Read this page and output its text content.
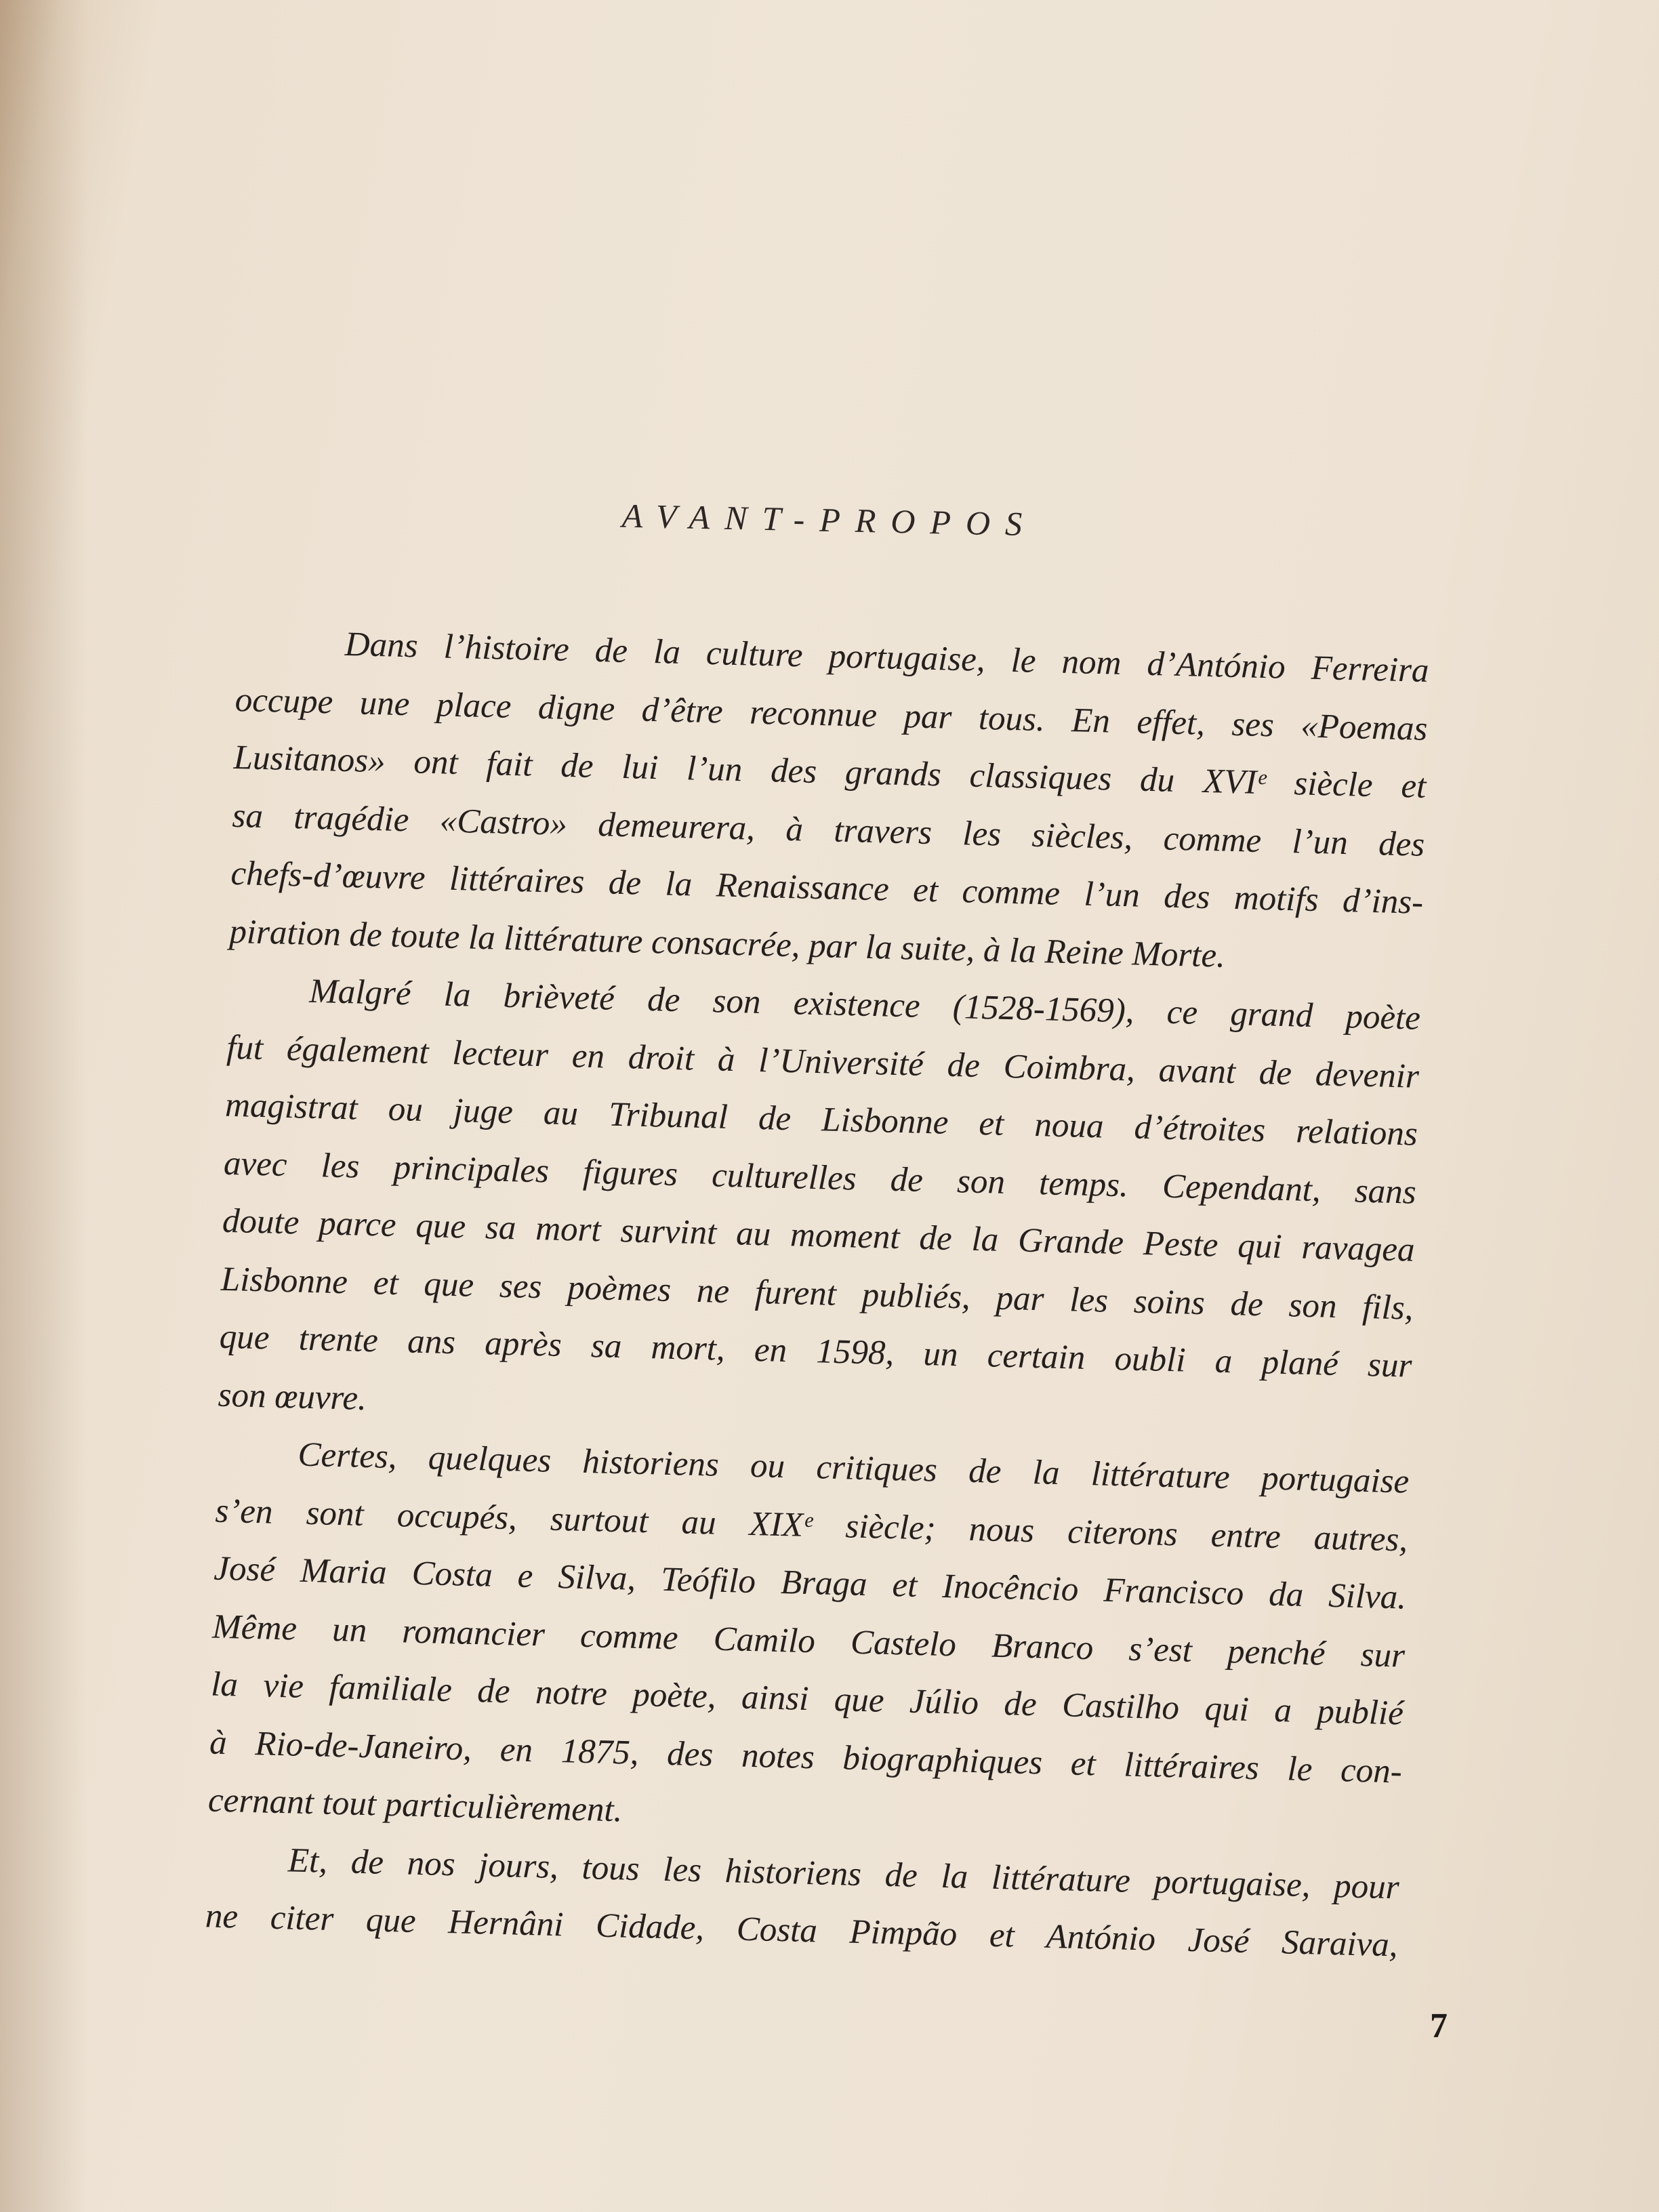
AVANT-PROPOS
Dans l’histoire de la culture portugaise, le nom d’António Ferreira
occupe une place digne d’être reconnue par tous. En effet, ses «Poemas
Lusitanos» ont fait de lui l’un des grands classiques du XVIᵉ siècle et
sa tragédie «Castro» demeurera, à travers les siècles, comme l’un des
chefs-d’œuvre littéraires de la Renaissance et comme l’un des motifs d’ins-
piration de toute la littérature consacrée, par la suite, à la Reine Morte.
Malgré la brièveté de son existence (1528-1569), ce grand poète
fut également lecteur en droit à l’Université de Coimbra, avant de devenir
magistrat ou juge au Tribunal de Lisbonne et noua d’étroites relations
avec les principales figures culturelles de son temps. Cependant, sans
doute parce que sa mort survint au moment de la Grande Peste qui ravagea
Lisbonne et que ses poèmes ne furent publiés, par les soins de son fils,
que trente ans après sa mort, en 1598, un certain oubli a plané sur
son œuvre.
Certes, quelques historiens ou critiques de la littérature portugaise
s’en sont occupés, surtout au XIXᵉ siècle; nous citerons entre autres,
José Maria Costa e Silva, Teófilo Braga et Inocêncio Francisco da Silva.
Même un romancier comme Camilo Castelo Branco s’est penché sur
la vie familiale de notre poète, ainsi que Júlio de Castilho qui a publié
à Rio-de-Janeiro, en 1875, des notes biographiques et littéraires le con-
cernant tout particulièrement.
Et, de nos jours, tous les historiens de la littérature portugaise, pour
ne citer que Hernâni Cidade, Costa Pimpão et António José Saraiva,
7
